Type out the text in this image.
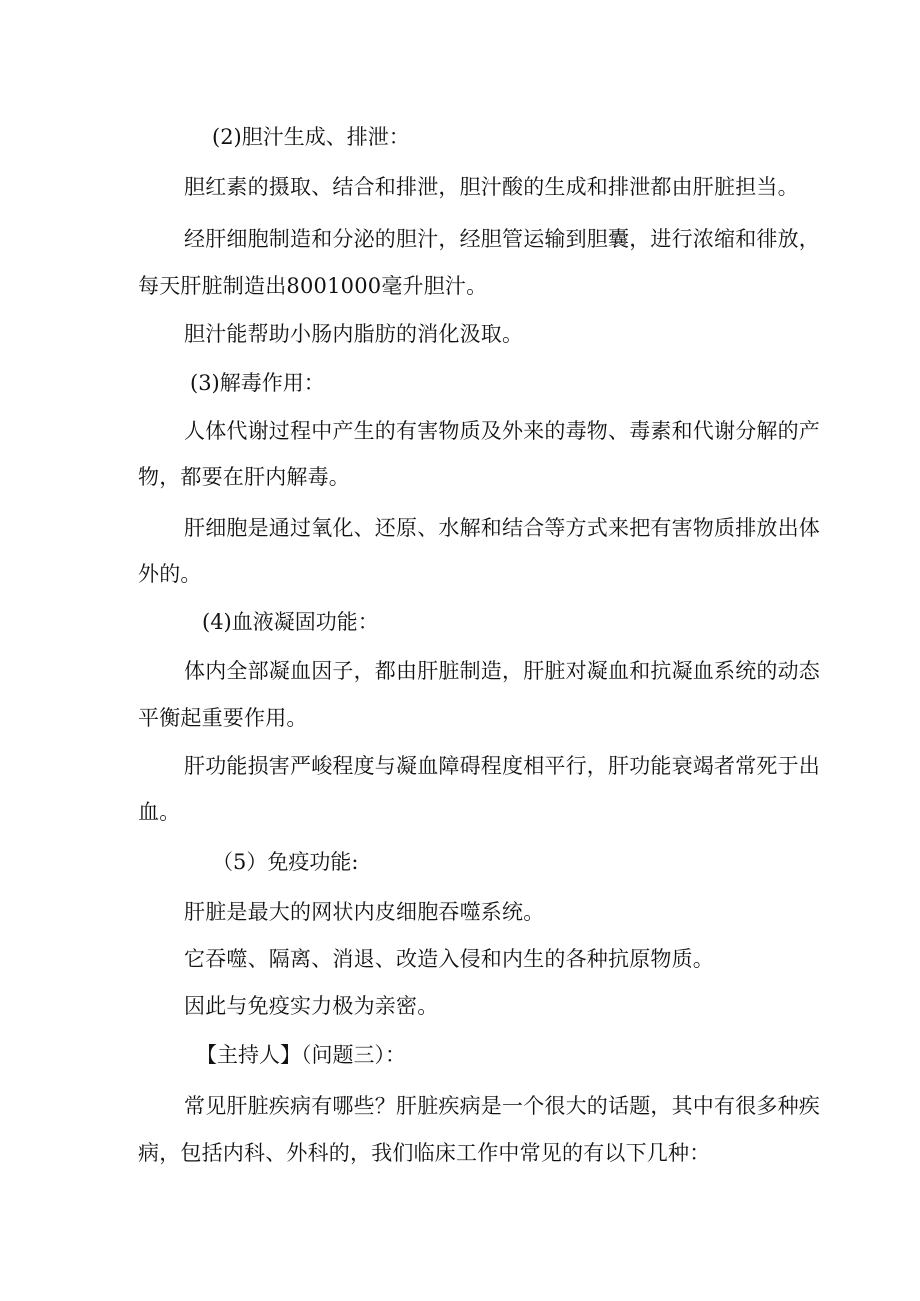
(2)胆汁生成、排泄：
胆红素的摄取、结合和排泄，胆汁酸的生成和排泄都由肝脏担当。
经肝细胞制造和分泌的胆汁，经胆管运输到胆囊，进行浓缩和徘放，
每天肝脏制造出8001000毫升胆汁。
胆汁能帮助小肠内脂肪的消化汲取。
(3)解毒作用：
人体代谢过程中产生的有害物质及外来的毒物、毒素和代谢分解的产
物，都要在肝内解毒。
肝细胞是通过氧化、还原、水解和结合等方式来把有害物质排放出体
外的。
(4)血液凝固功能：
体内全部凝血因子，都由肝脏制造，肝脏对凝血和抗凝血系统的动态
平衡起重要作用。
肝功能损害严峻程度与凝血障碍程度相平行，肝功能衰竭者常死于出
血。
（5）免疫功能:
肝脏是最大的网状内皮细胞吞噬系统。
它吞噬、隔离、消退、改造入侵和内生的各种抗原物质。
因此与免疫实力极为亲密。
【主持人】（问题三）：
常见肝脏疾病有哪些？肝脏疾病是一个很大的话题，其中有很多种疾
病，包括内科、外科的，我们临床工作中常见的有以下几种：
